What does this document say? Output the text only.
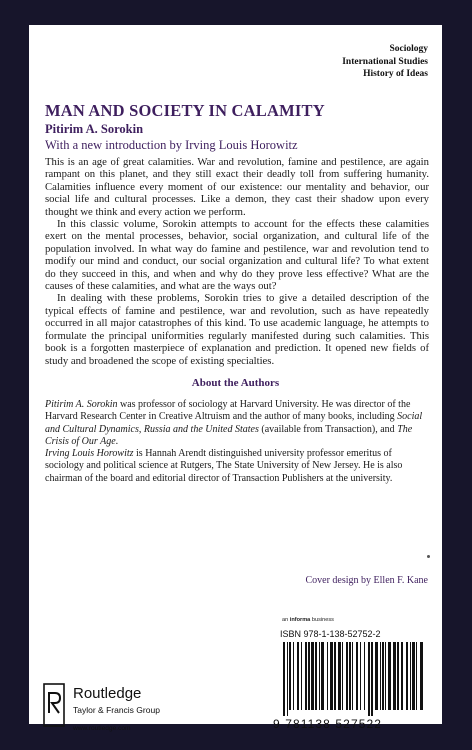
Sociology
International Studies
History of Ideas
MAN AND SOCIETY IN CALAMITY
Pitirim A. Sorokin
With a new introduction by Irving Louis Horowitz

This is an age of great calamities. War and revolution, famine and pestilence, are again rampant on this planet, and they still exact their deadly toll from suffering humanity. Calamities influence every moment of our existence: our mentality and behavior, our social life and cultural processes. Like a demon, they cast their shadow upon every thought we think and every action we perform.

In this classic volume, Sorokin attempts to account for the effects these calamities exert on the mental processes, behavior, social organization, and cultural life of the population involved. In what way do famine and pestilence, war and revolution tend to modify our mind and conduct, our social organization and cultural life? To what extent do they succeed in this, and when and why do they prove less effective? What are the causes of these calamities, and what are the ways out?

In dealing with these problems, Sorokin tries to give a detailed description of the typical effects of famine and pestilence, war and revolution, such as have repeatedly occurred in all major catastrophes of this kind. To use academic language, he attempts to formulate the principal uniformities regularly manifested during such calamities. This book is a forgotten masterpiece of explanation and prediction. It opened new fields of study and broadened the scope of existing specialties.

About the Authors

Pitirim A. Sorokin was professor of sociology at Harvard University. He was director of the Harvard Research Center in Creative Altruism and the author of many books, including Social and Cultural Dynamics, Russia and the United States (available from Transaction), and The Crisis of Our Age.

Irving Louis Horowitz is Hannah Arendt distinguished university professor emeritus of sociology and political science at Rutgers, The State University of New Jersey. He is also chairman of the board and editorial director of Transaction Publishers at the university.

Cover design by Ellen F. Kane
an informa business
ISBN 978-1-138-52752-2
9 781138 527522
Routledge
Taylor & Francis Group
www.routledge.com
